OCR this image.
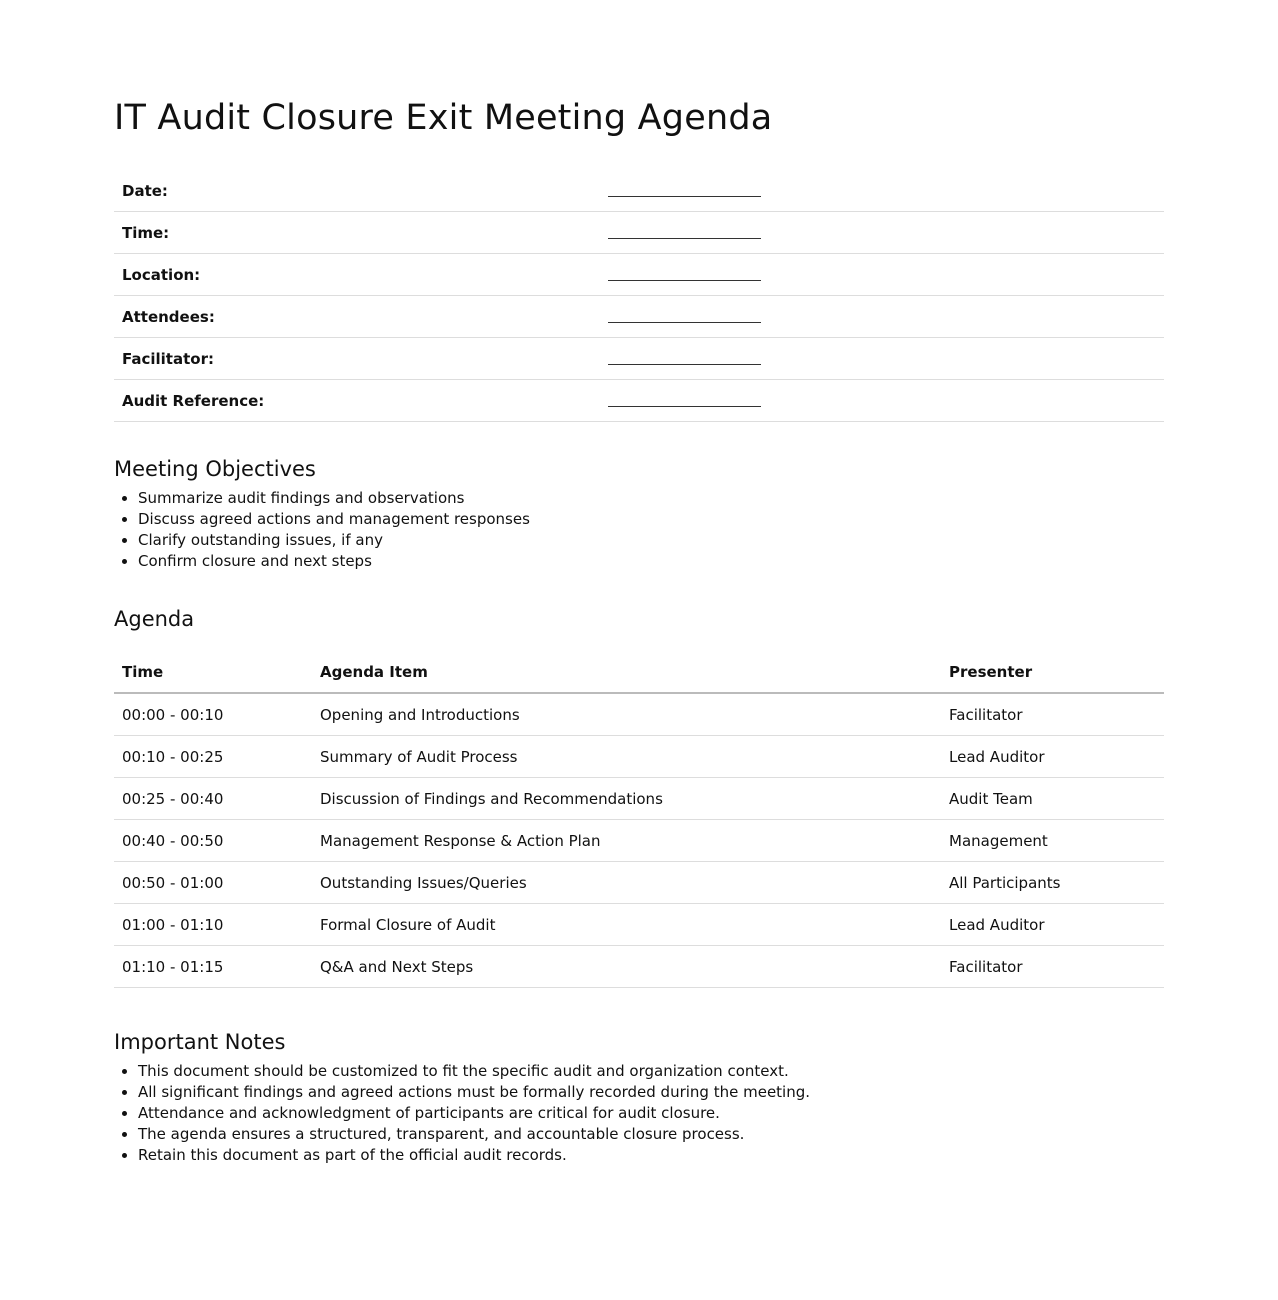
IT Audit Closure Exit Meeting Agenda
Date:	
Time:	
Location:	
Attendees:	
Facilitator:	
Audit Reference:	
Meeting Objectives
• Summarize audit findings and observations
• Discuss agreed actions and management responses
• Clarify outstanding issues, if any
• Confirm closure and next steps
Agenda
Time	Agenda Item	Presenter
00:00 - 00:10	Opening and Introductions	Facilitator
00:10 - 00:25	Summary of Audit Process	Lead Auditor
00:25 - 00:40	Discussion of Findings and Recommendations	Audit Team
00:40 - 00:50	Management Response & Action Plan	Management
00:50 - 01:00	Outstanding Issues/Queries	All Participants
01:00 - 01:10	Formal Closure of Audit	Lead Auditor
01:10 - 01:15	Q&A and Next Steps	Facilitator
Important Notes
• This document should be customized to fit the specific audit and organization context.
• All significant findings and agreed actions must be formally recorded during the meeting.
• Attendance and acknowledgment of participants are critical for audit closure.
• The agenda ensures a structured, transparent, and accountable closure process.
• Retain this document as part of the official audit records.
